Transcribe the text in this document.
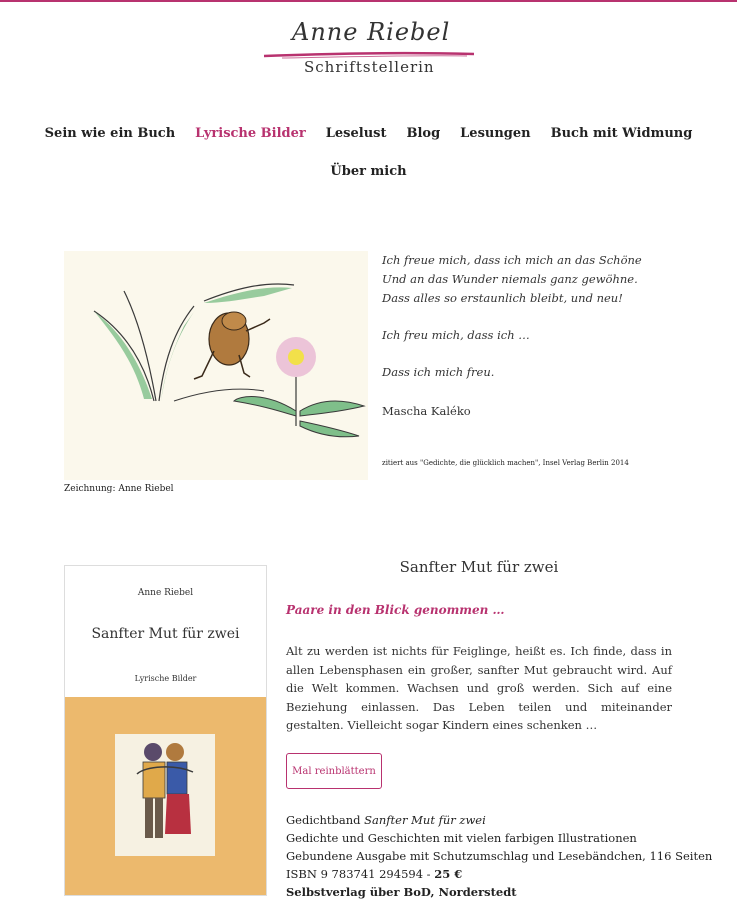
Anne Riebel
Schriftstellerin
Sein wie ein Buch	Lyrische Bilder	Leselust	Blog	Lesungen	Buch mit Widmung
Über mich
Zeichnung: Anne Riebel
Ich freue mich, dass ich mich an das Schöne
Und an das Wunder niemals ganz gewöhne.
Dass alles so erstaunlich bleibt, und neu!
Ich freu mich, dass ich …
Dass ich mich freu.
Mascha Kaléko
zitiert aus "Gedichte, die glücklich machen", Insel Verlag Berlin 2014
Anne Riebel
Sanfter Mut für zwei
Lyrische Bilder
Sanfter Mut für zwei
Paare in den Blick genommen …
Alt zu werden ist nichts für Feiglinge, heißt es. Ich finde, dass in allen Lebensphasen ein großer, sanfter Mut gebraucht wird. Auf die Welt kommen. Wachsen und groß werden. Sich auf eine Beziehung einlassen. Das Leben teilen und miteinander gestalten. Vielleicht sogar Kindern eines schenken …
Mal reinblättern
Gedichtband Sanfter Mut für zwei
Gedichte und Geschichten mit vielen farbigen Illustrationen
Gebundene Ausgabe mit Schutzumschlag und Lesebändchen, 116 Seiten
ISBN 9 783741 294594 - 25 €
Selbstverlag über BoD, Norderstedt
